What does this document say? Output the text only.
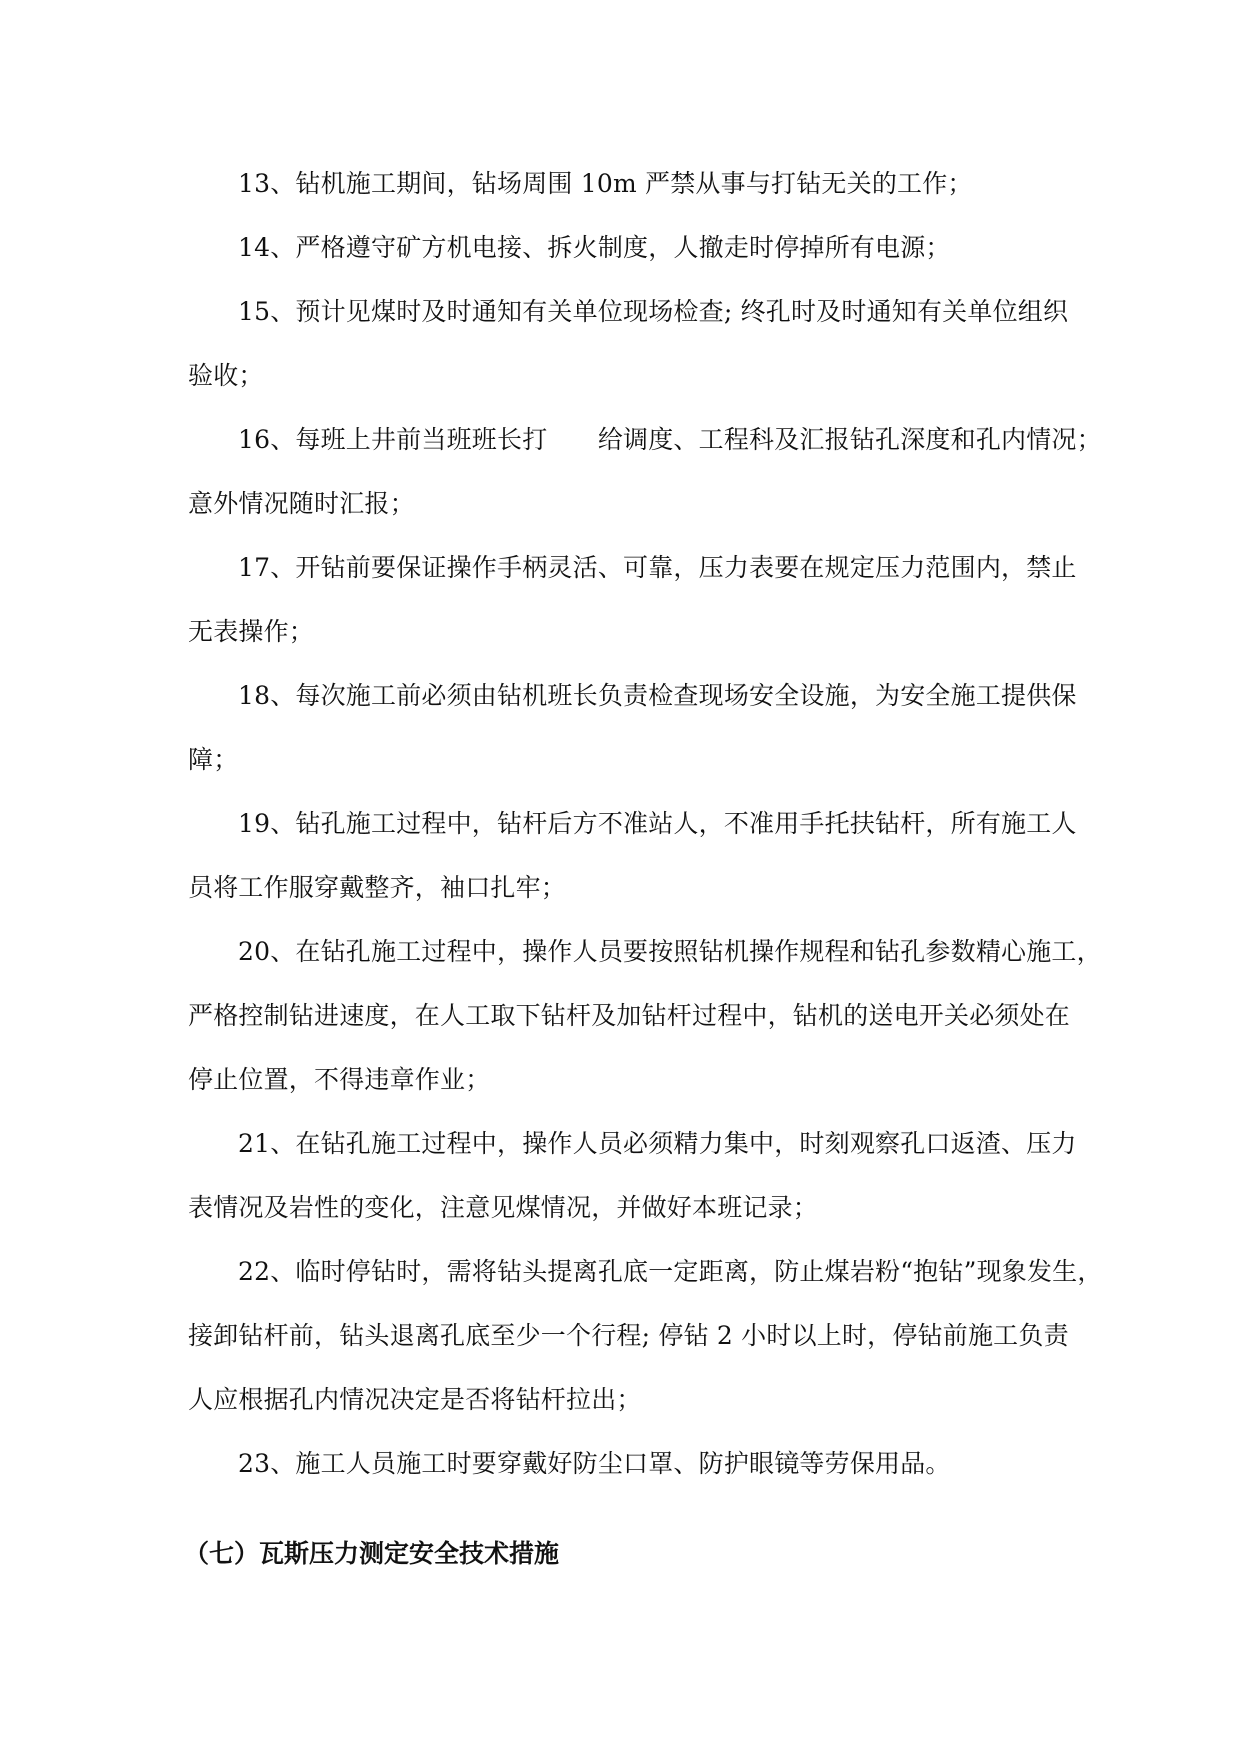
13、钻机施工期间，钻场周围 10m 严禁从事与打钻无关的工作；
14、严格遵守矿方机电接、拆火制度，人撤走时停掉所有电源；
15、预计见煤时及时通知有关单位现场检查; 终孔时及时通知有关单位组织
验收；
16、每班上井前当班班长打　　给调度、工程科及汇报钻孔深度和孔内情况；
意外情况随时汇报；
17、开钻前要保证操作手柄灵活、可靠，压力表要在规定压力范围内，禁止
无表操作；
18、每次施工前必须由钻机班长负责检查现场安全设施，为安全施工提供保
障；
19、钻孔施工过程中，钻杆后方不准站人，不准用手托扶钻杆，所有施工人
员将工作服穿戴整齐，袖口扎牢；
20、在钻孔施工过程中，操作人员要按照钻机操作规程和钻孔参数精心施工，
严格控制钻进速度，在人工取下钻杆及加钻杆过程中，钻机的送电开关必须处在
停止位置，不得违章作业；
21、在钻孔施工过程中，操作人员必须精力集中，时刻观察孔口返渣、压力
表情况及岩性的变化，注意见煤情况，并做好本班记录；
22、临时停钻时，需将钻头提离孔底一定距离，防止煤岩粉“抱钻”现象发生，
接卸钻杆前，钻头退离孔底至少一个行程; 停钻 2 小时以上时，停钻前施工负责
人应根据孔内情况决定是否将钻杆拉出；
23、施工人员施工时要穿戴好防尘口罩、防护眼镜等劳保用品。
（七）瓦斯压力测定安全技术措施
